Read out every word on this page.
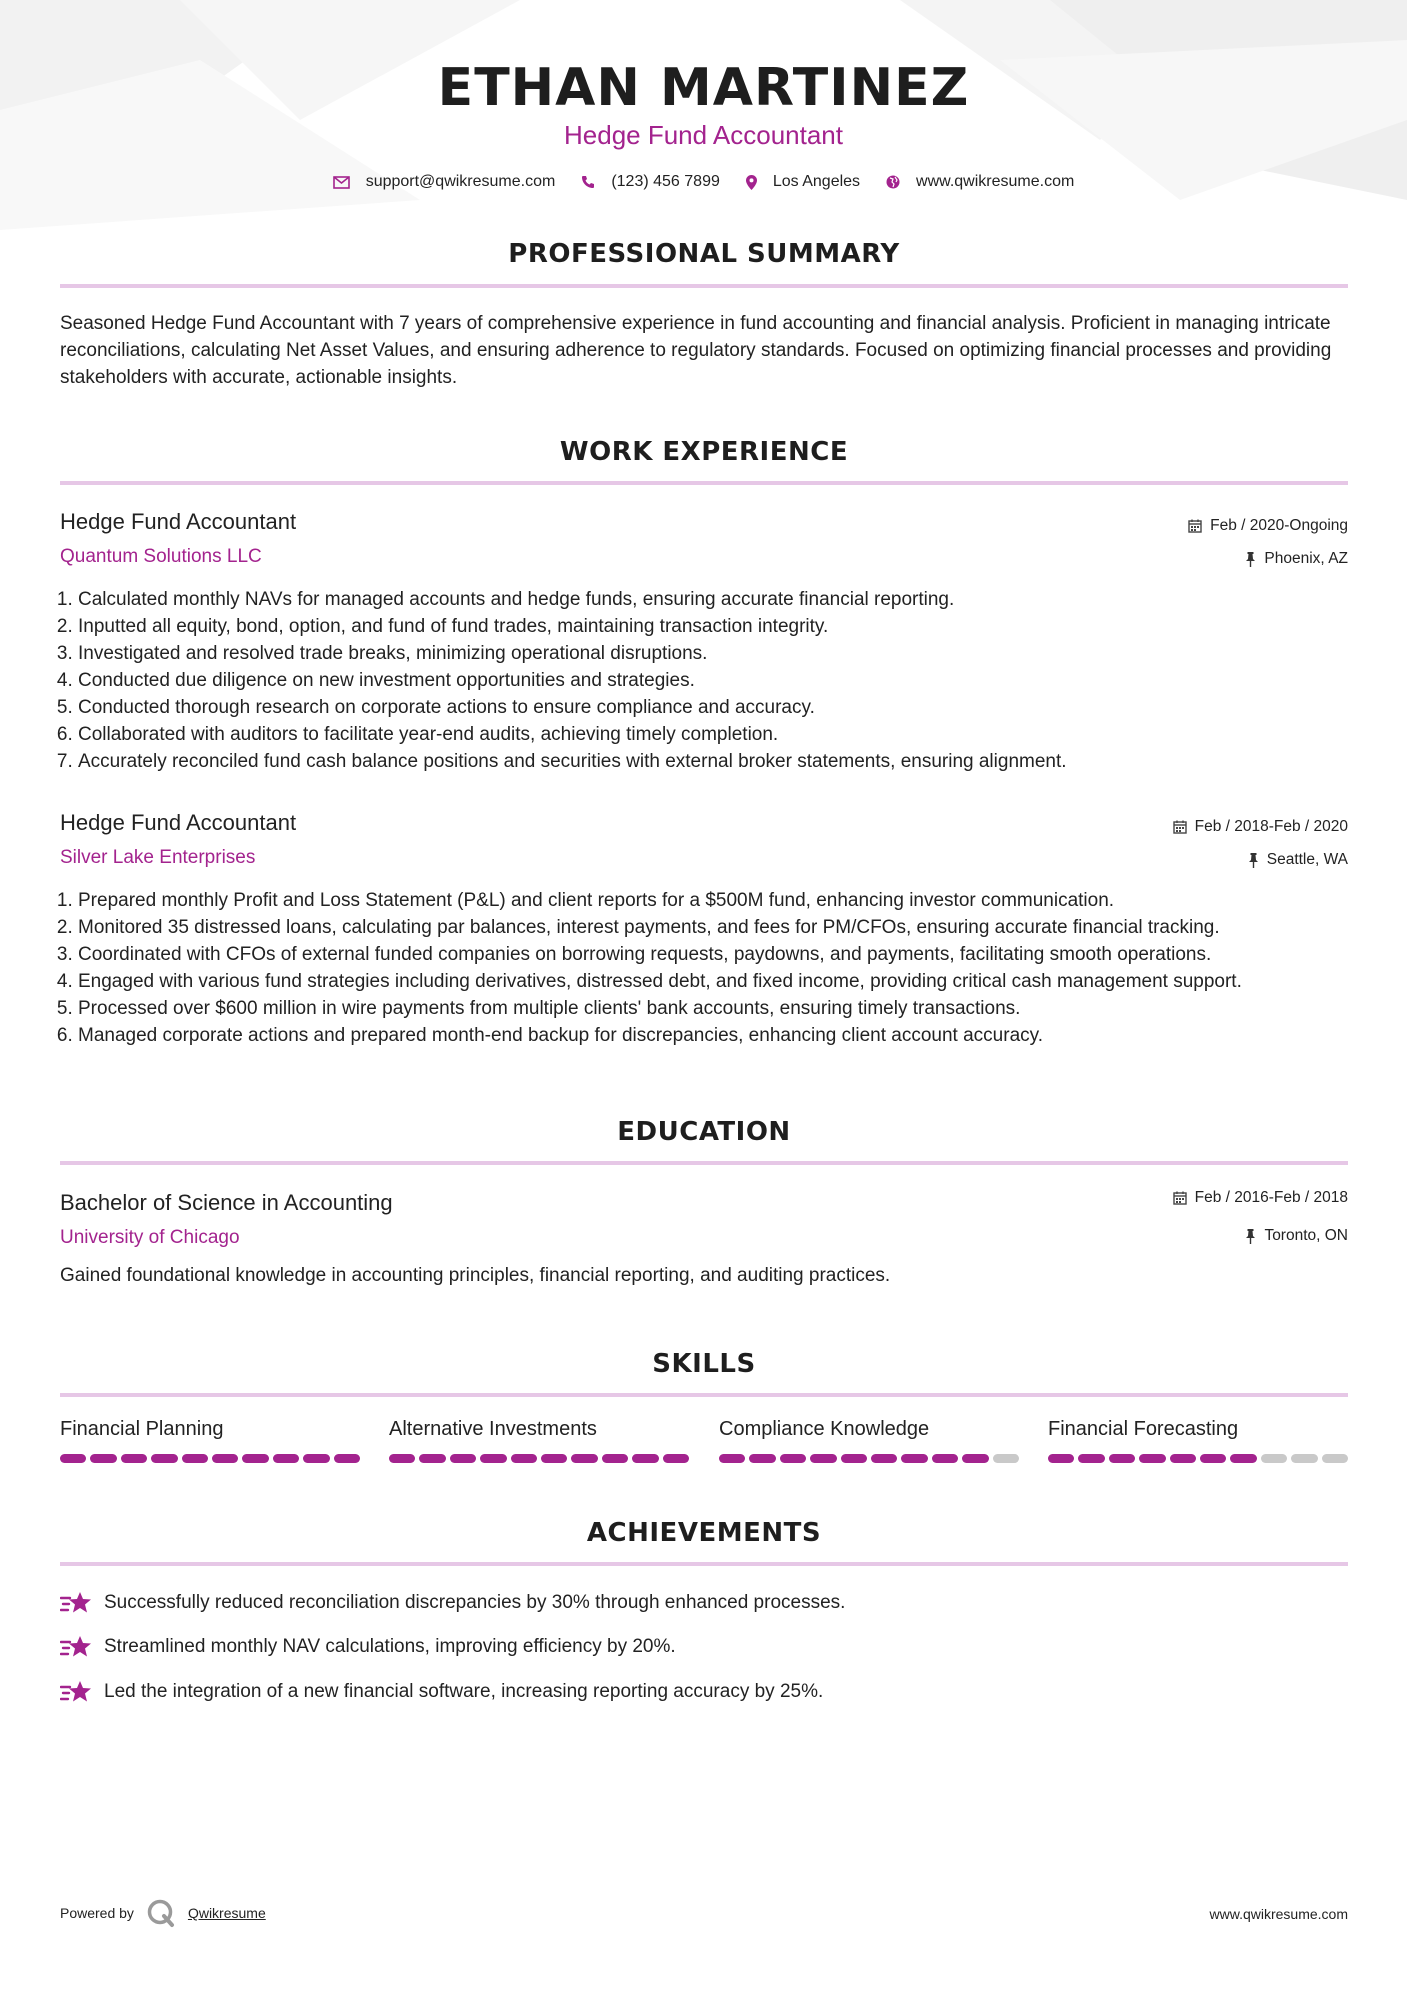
ETHAN MARTINEZ
Hedge Fund Accountant
support@qwikresume.com	(123) 456 7899	Los Angeles	www.qwikresume.com
PROFESSIONAL SUMMARY
Seasoned Hedge Fund Accountant with 7 years of comprehensive experience in fund accounting and financial analysis. Proficient in managing intricate reconciliations, calculating Net Asset Values, and ensuring adherence to regulatory standards. Focused on optimizing financial processes and providing stakeholders with accurate, actionable insights.
WORK EXPERIENCE
Hedge Fund Accountant
Quantum Solutions LLC
Feb / 2020-Ongoing
Phoenix, AZ
1. Calculated monthly NAVs for managed accounts and hedge funds, ensuring accurate financial reporting.
2. Inputted all equity, bond, option, and fund of fund trades, maintaining transaction integrity.
3. Investigated and resolved trade breaks, minimizing operational disruptions.
4. Conducted due diligence on new investment opportunities and strategies.
5. Conducted thorough research on corporate actions to ensure compliance and accuracy.
6. Collaborated with auditors to facilitate year-end audits, achieving timely completion.
7. Accurately reconciled fund cash balance positions and securities with external broker statements, ensuring alignment.
Hedge Fund Accountant
Silver Lake Enterprises
Feb / 2018-Feb / 2020
Seattle, WA
1. Prepared monthly Profit and Loss Statement (P&L) and client reports for a $500M fund, enhancing investor communication.
2. Monitored 35 distressed loans, calculating par balances, interest payments, and fees for PM/CFOs, ensuring accurate financial tracking.
3. Coordinated with CFOs of external funded companies on borrowing requests, paydowns, and payments, facilitating smooth operations.
4. Engaged with various fund strategies including derivatives, distressed debt, and fixed income, providing critical cash management support.
5. Processed over $600 million in wire payments from multiple clients' bank accounts, ensuring timely transactions.
6. Managed corporate actions and prepared month-end backup for discrepancies, enhancing client account accuracy.
EDUCATION
Bachelor of Science in Accounting
University of Chicago
Feb / 2016-Feb / 2018
Toronto, ON
Gained foundational knowledge in accounting principles, financial reporting, and auditing practices.
SKILLS
Financial Planning	Alternative Investments	Compliance Knowledge	Financial Forecasting
ACHIEVEMENTS
Successfully reduced reconciliation discrepancies by 30% through enhanced processes.
Streamlined monthly NAV calculations, improving efficiency by 20%.
Led the integration of a new financial software, increasing reporting accuracy by 25%.
Powered by	Qwikresume	www.qwikresume.com
